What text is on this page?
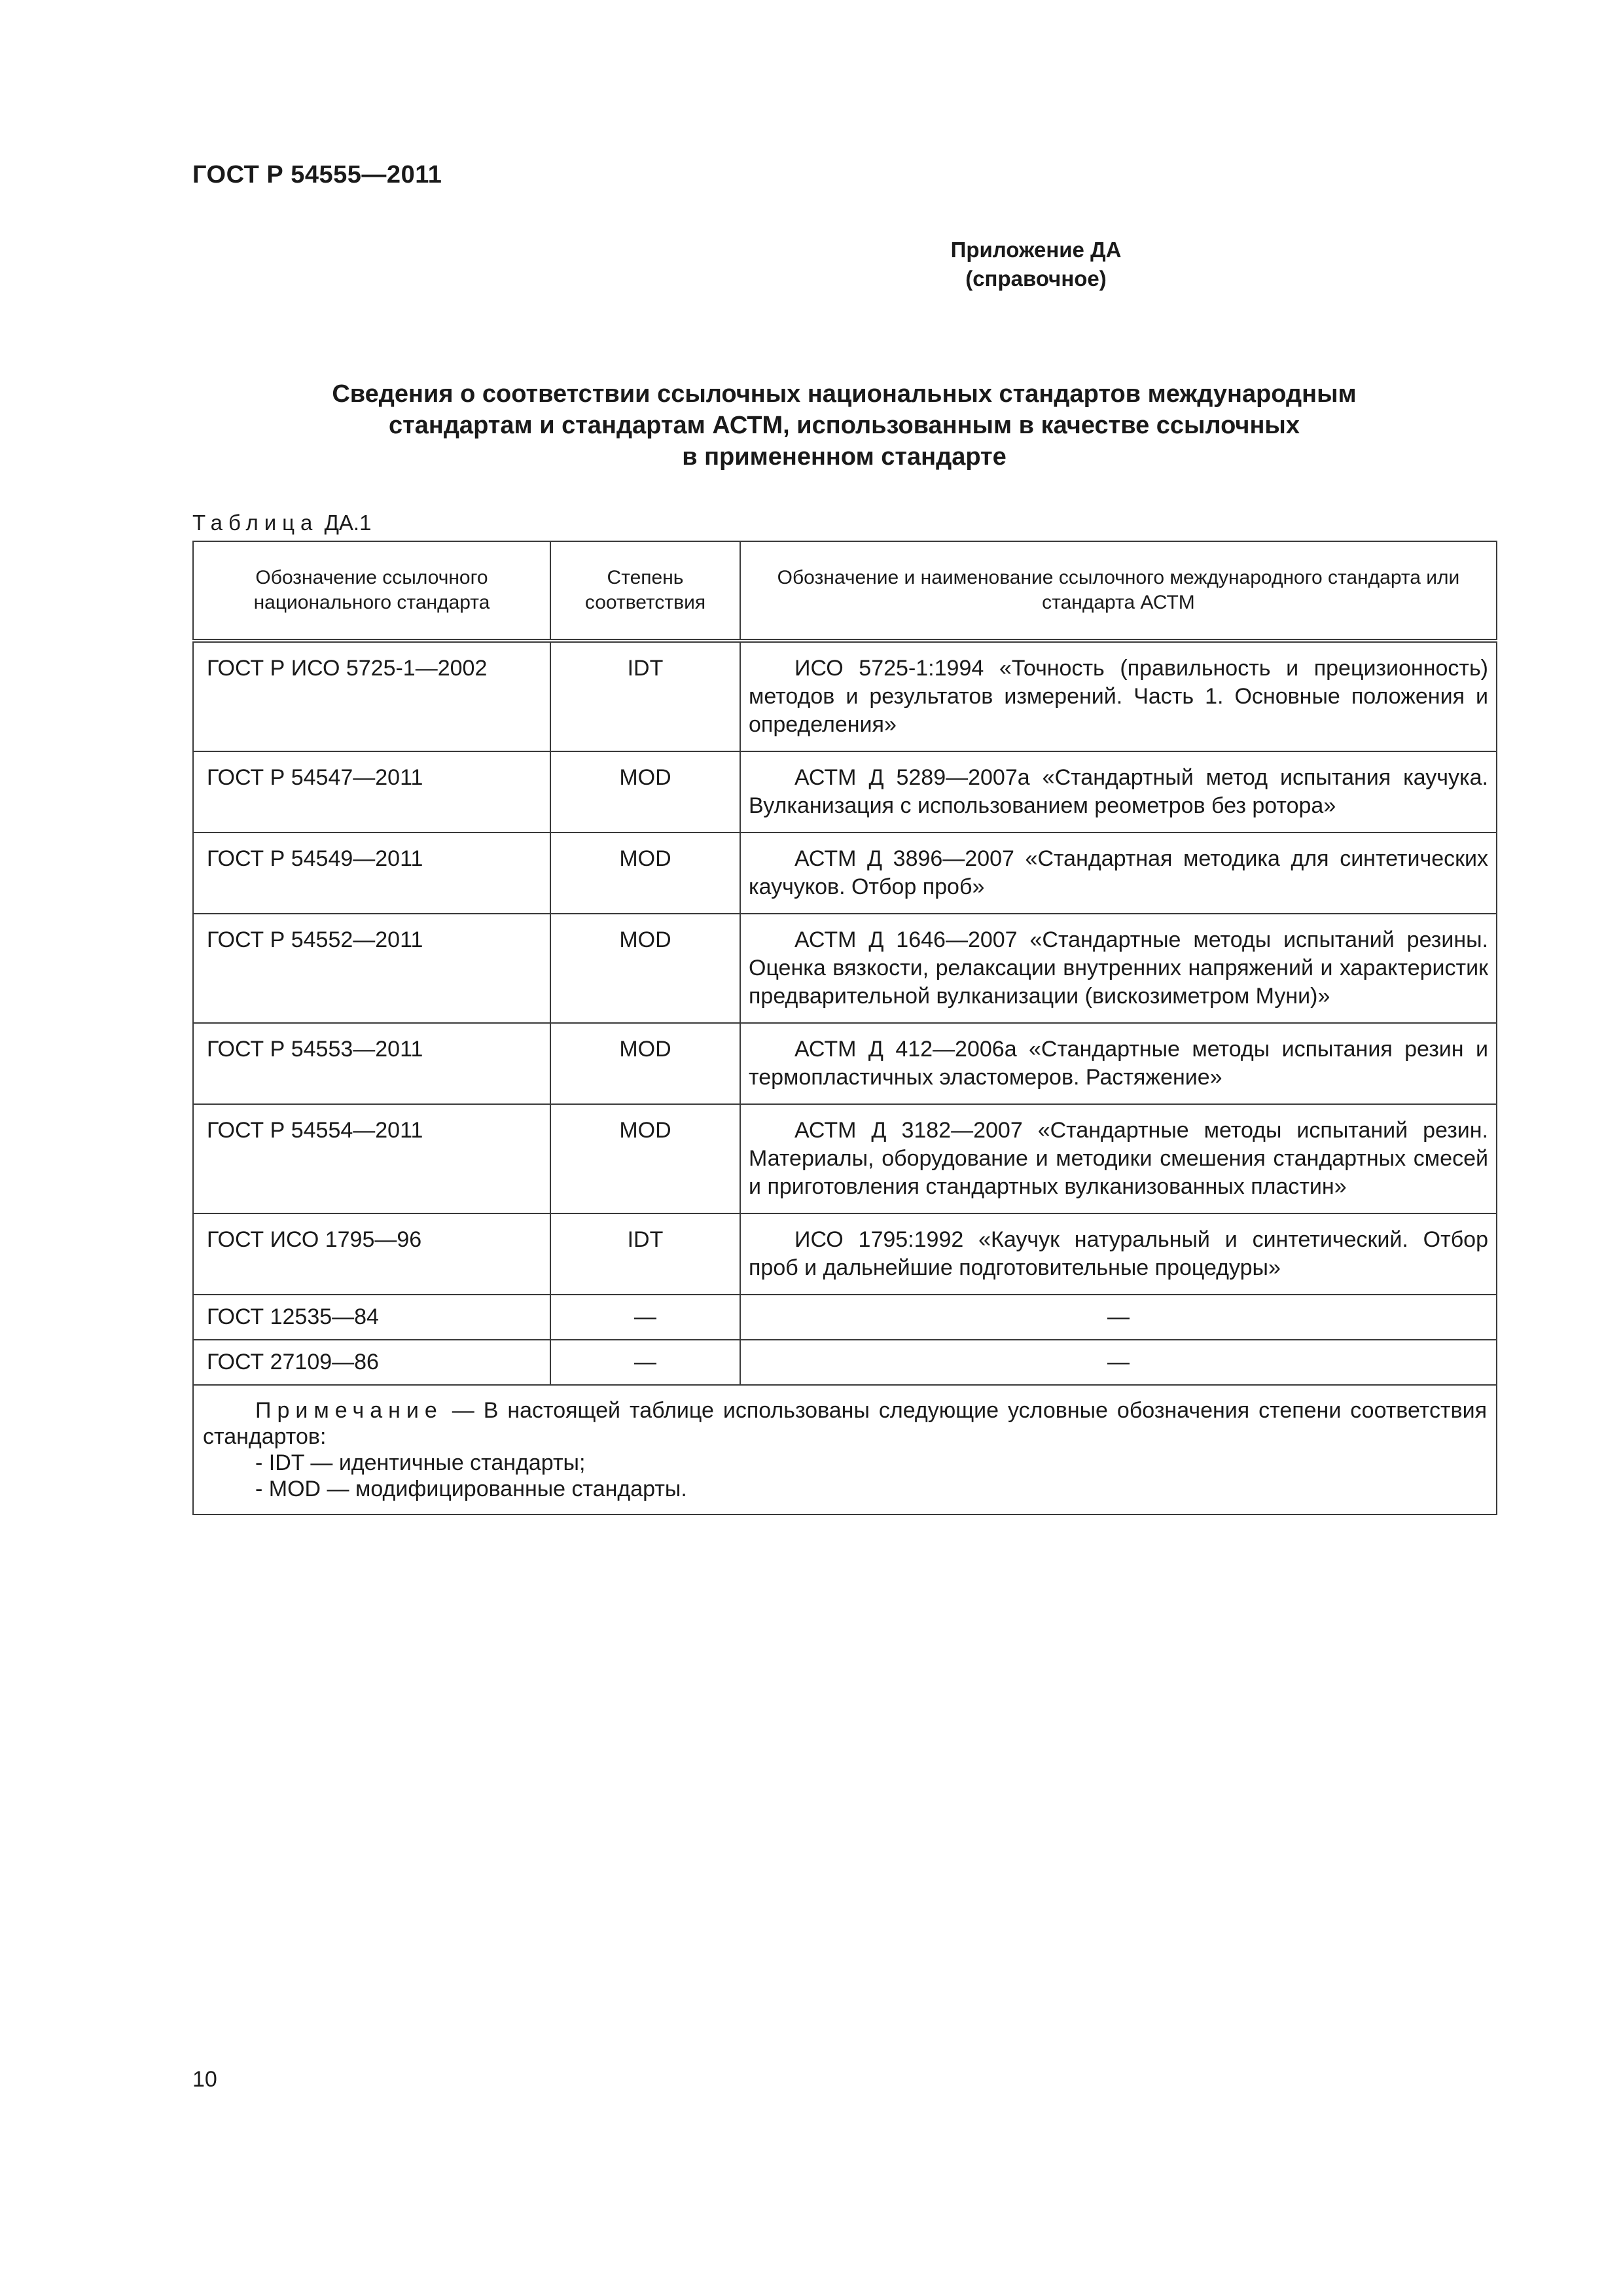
ГОСТ Р 54555—2011
Приложение ДА
(справочное)
Сведения о соответствии ссылочных национальных стандартов международным
стандартам и стандартам АСТМ, использованным в качестве ссылочных
в примененном стандарте
Таблица ДА.1
Обозначение ссылочного национального стандарта	Степень соответствия	Обозначение и наименование ссылочного международного стандарта или стандарта АСТМ
ГОСТ Р ИСО 5725-1—2002	IDT	ИСО 5725-1:1994 «Точность (правильность и прецизионность) методов и результатов измерений. Часть 1. Основные положения и определения»
ГОСТ Р 54547—2011	MOD	АСТМ Д 5289—2007а «Стандартный метод испытания каучука. Вулканизация с использованием реометров без ротора»
ГОСТ Р 54549—2011	MOD	АСТМ Д 3896—2007 «Стандартная методика для синтетических каучуков. Отбор проб»
ГОСТ Р 54552—2011	MOD	АСТМ Д 1646—2007 «Стандартные методы испытаний резины. Оценка вязкости, релаксации внутренних напряжений и характеристик предварительной вулканизации (вискозиметром Муни)»
ГОСТ Р 54553—2011	MOD	АСТМ Д 412—2006а «Стандартные методы испытания резин и термопластичных эластомеров. Растяжение»
ГОСТ Р 54554—2011	MOD	АСТМ Д 3182—2007 «Стандартные методы испытаний резин. Материалы, оборудование и методики смешения стандартных смесей и приготовления стандартных вулканизованных пластин»
ГОСТ ИСО 1795—96	IDT	ИСО 1795:1992 «Каучук натуральный и синтетический. Отбор проб и дальнейшие подготовительные процедуры»
ГОСТ 12535—84	—	—
ГОСТ 27109—86	—	—

Примечание — В настоящей таблице использованы следующие условные обозначения степени соответствия стандартов:
- IDT — идентичные стандарты;
- MOD — модифицированные стандарты.		
10
